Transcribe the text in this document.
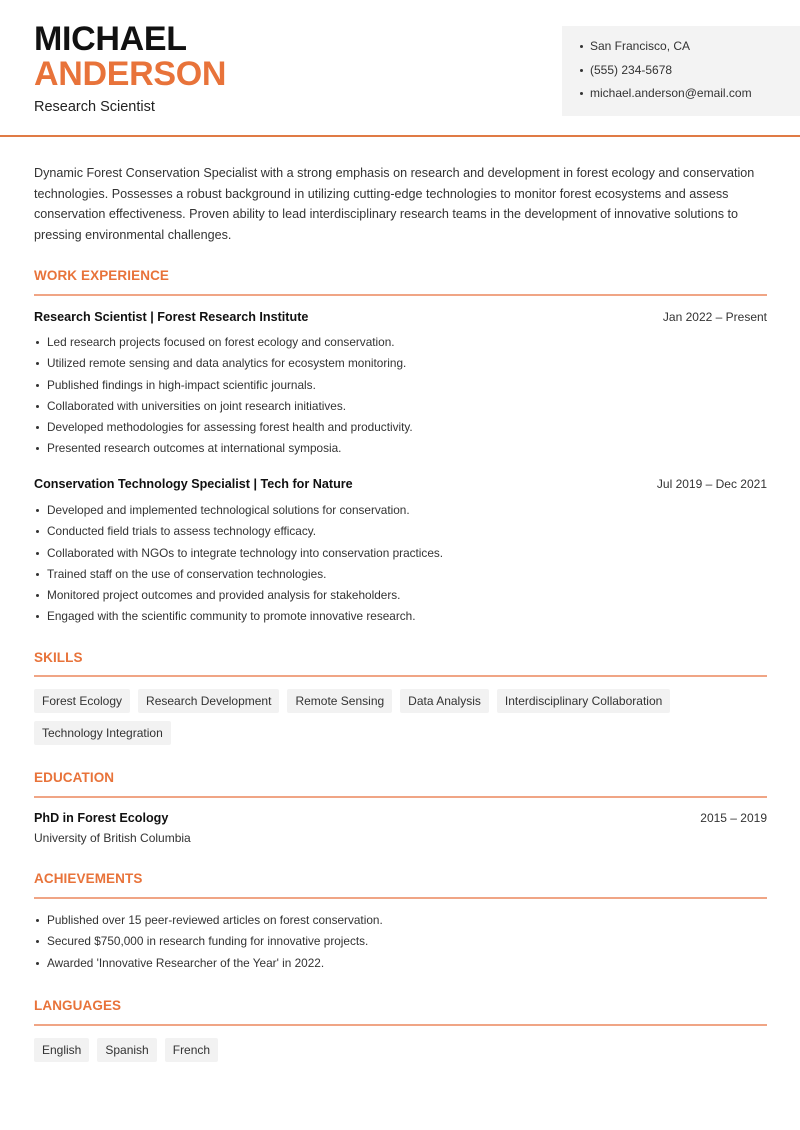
MICHAEL
ANDERSON
Research Scientist
San Francisco, CA
(555) 234-5678
michael.anderson@email.com

Dynamic Forest Conservation Specialist with a strong emphasis on research and development in forest ecology and conservation technologies. Possesses a robust background in utilizing cutting-edge technologies to monitor forest ecosystems and assess conservation effectiveness. Proven ability to lead interdisciplinary research teams in the development of innovative solutions to pressing environmental challenges.

WORK EXPERIENCE
Research Scientist | Forest Research Institute	Jan 2022 – Present
Led research projects focused on forest ecology and conservation.
Utilized remote sensing and data analytics for ecosystem monitoring.
Published findings in high-impact scientific journals.
Collaborated with universities on joint research initiatives.
Developed methodologies for assessing forest health and productivity.
Presented research outcomes at international symposia.
Conservation Technology Specialist | Tech for Nature	Jul 2019 – Dec 2021
Developed and implemented technological solutions for conservation.
Conducted field trials to assess technology efficacy.
Collaborated with NGOs to integrate technology into conservation practices.
Trained staff on the use of conservation technologies.
Monitored project outcomes and provided analysis for stakeholders.
Engaged with the scientific community to promote innovative research.
SKILLS
Forest Ecology	Research Development	Remote Sensing	Data Analysis	Interdisciplinary Collaboration
Technology Integration
EDUCATION
PhD in Forest Ecology	2015 – 2019
University of British Columbia
ACHIEVEMENTS
Published over 15 peer-reviewed articles on forest conservation.
Secured $750,000 in research funding for innovative projects.
Awarded 'Innovative Researcher of the Year' in 2022.
LANGUAGES
English	Spanish	French
